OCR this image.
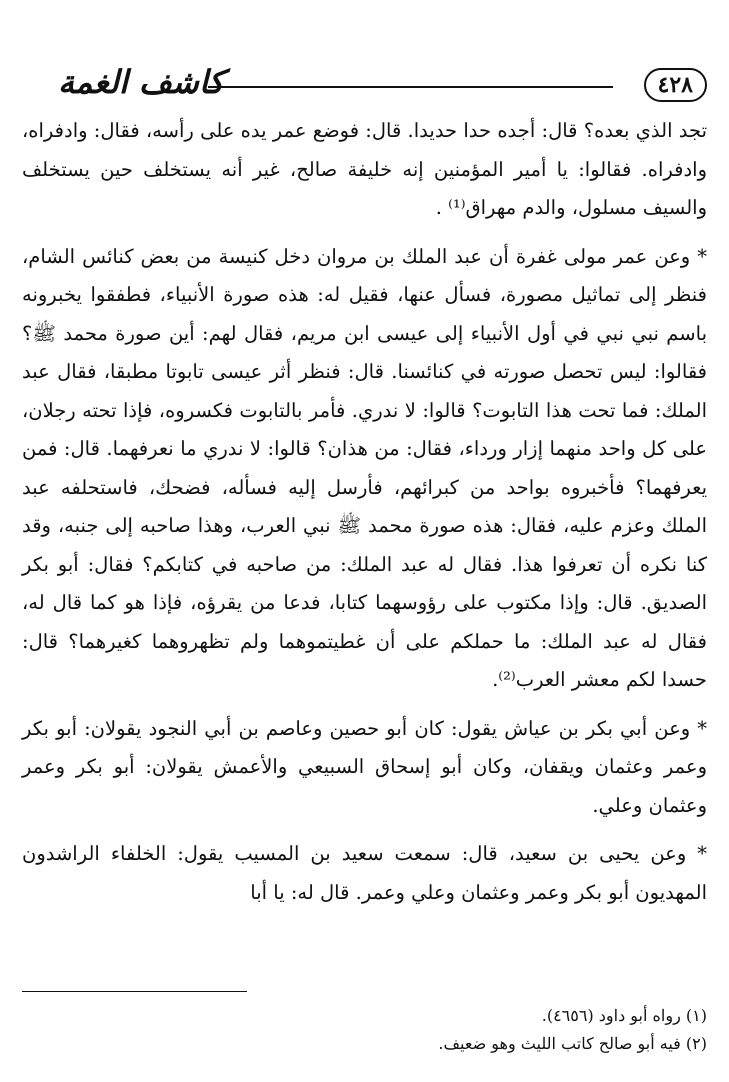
٤٢٨
كاشف الغمة

تجد الذي بعده؟ قال: أجده حدا حديدا. قال: فوضع عمر يده على رأسه، فقال: وادفراه، وادفراه. فقالوا: يا أمير المؤمنين إنه خليفة صالح، غير أنه يستخلف حين يستخلف والسيف مسلول، والدم مهراق⁽¹⁾ .

* وعن عمر مولى غفرة أن عبد الملك بن مروان دخل كنيسة من بعض كنائس الشام، فنظر إلى تماثيل مصورة، فسأل عنها، فقيل له: هذه صورة الأنبياء، فطفقوا يخبرونه باسم نبي نبي في أول الأنبياء إلى عيسى ابن مريم، فقال لهم: أين صورة محمد ﷺ؟ فقالوا: ليس تحصل صورته في كنائسنا. قال: فنظر أثر عيسى تابوتا مطبقا، فقال عبد الملك: فما تحت هذا التابوت؟ قالوا: لا ندري. فأمر بالتابوت فكسروه، فإذا تحته رجلان، على كل واحد منهما إزار ورداء، فقال: من هذان؟ قالوا: لا ندري ما نعرفهما. قال: فمن يعرفهما؟ فأخبروه بواحد من كبرائهم، فأرسل إليه فسأله، فضحك، فاستحلفه عبد الملك وعزم عليه، فقال: هذه صورة محمد ﷺ نبي العرب، وهذا صاحبه إلى جنبه، وقد كنا نكره أن تعرفوا هذا. فقال له عبد الملك: من صاحبه في كتابكم؟ فقال: أبو بكر الصديق. قال: وإذا مكتوب على رؤوسهما كتابا، فدعا من يقرؤه، فإذا هو كما قال له، فقال له عبد الملك: ما حملكم على أن غطيتموهما ولم تظهروهما كغيرهما؟ قال: حسدا لكم معشر العرب⁽²⁾.

* وعن أبي بكر بن عياش يقول: كان أبو حصين وعاصم بن أبي النجود يقولان: أبو بكر وعمر وعثمان ويقفان، وكان أبو إسحاق السبيعي والأعمش يقولان: أبو بكر وعمر وعثمان وعلي.

* وعن يحيى بن سعيد، قال: سمعت سعيد بن المسيب يقول: الخلفاء الراشدون المهديون أبو بكر وعمر وعثمان وعلي وعمر. قال له: يا أبا

(١) رواه أبو داود (٤٦٥٦).

(٢) فيه أبو صالح كاتب الليث وهو ضعيف.
